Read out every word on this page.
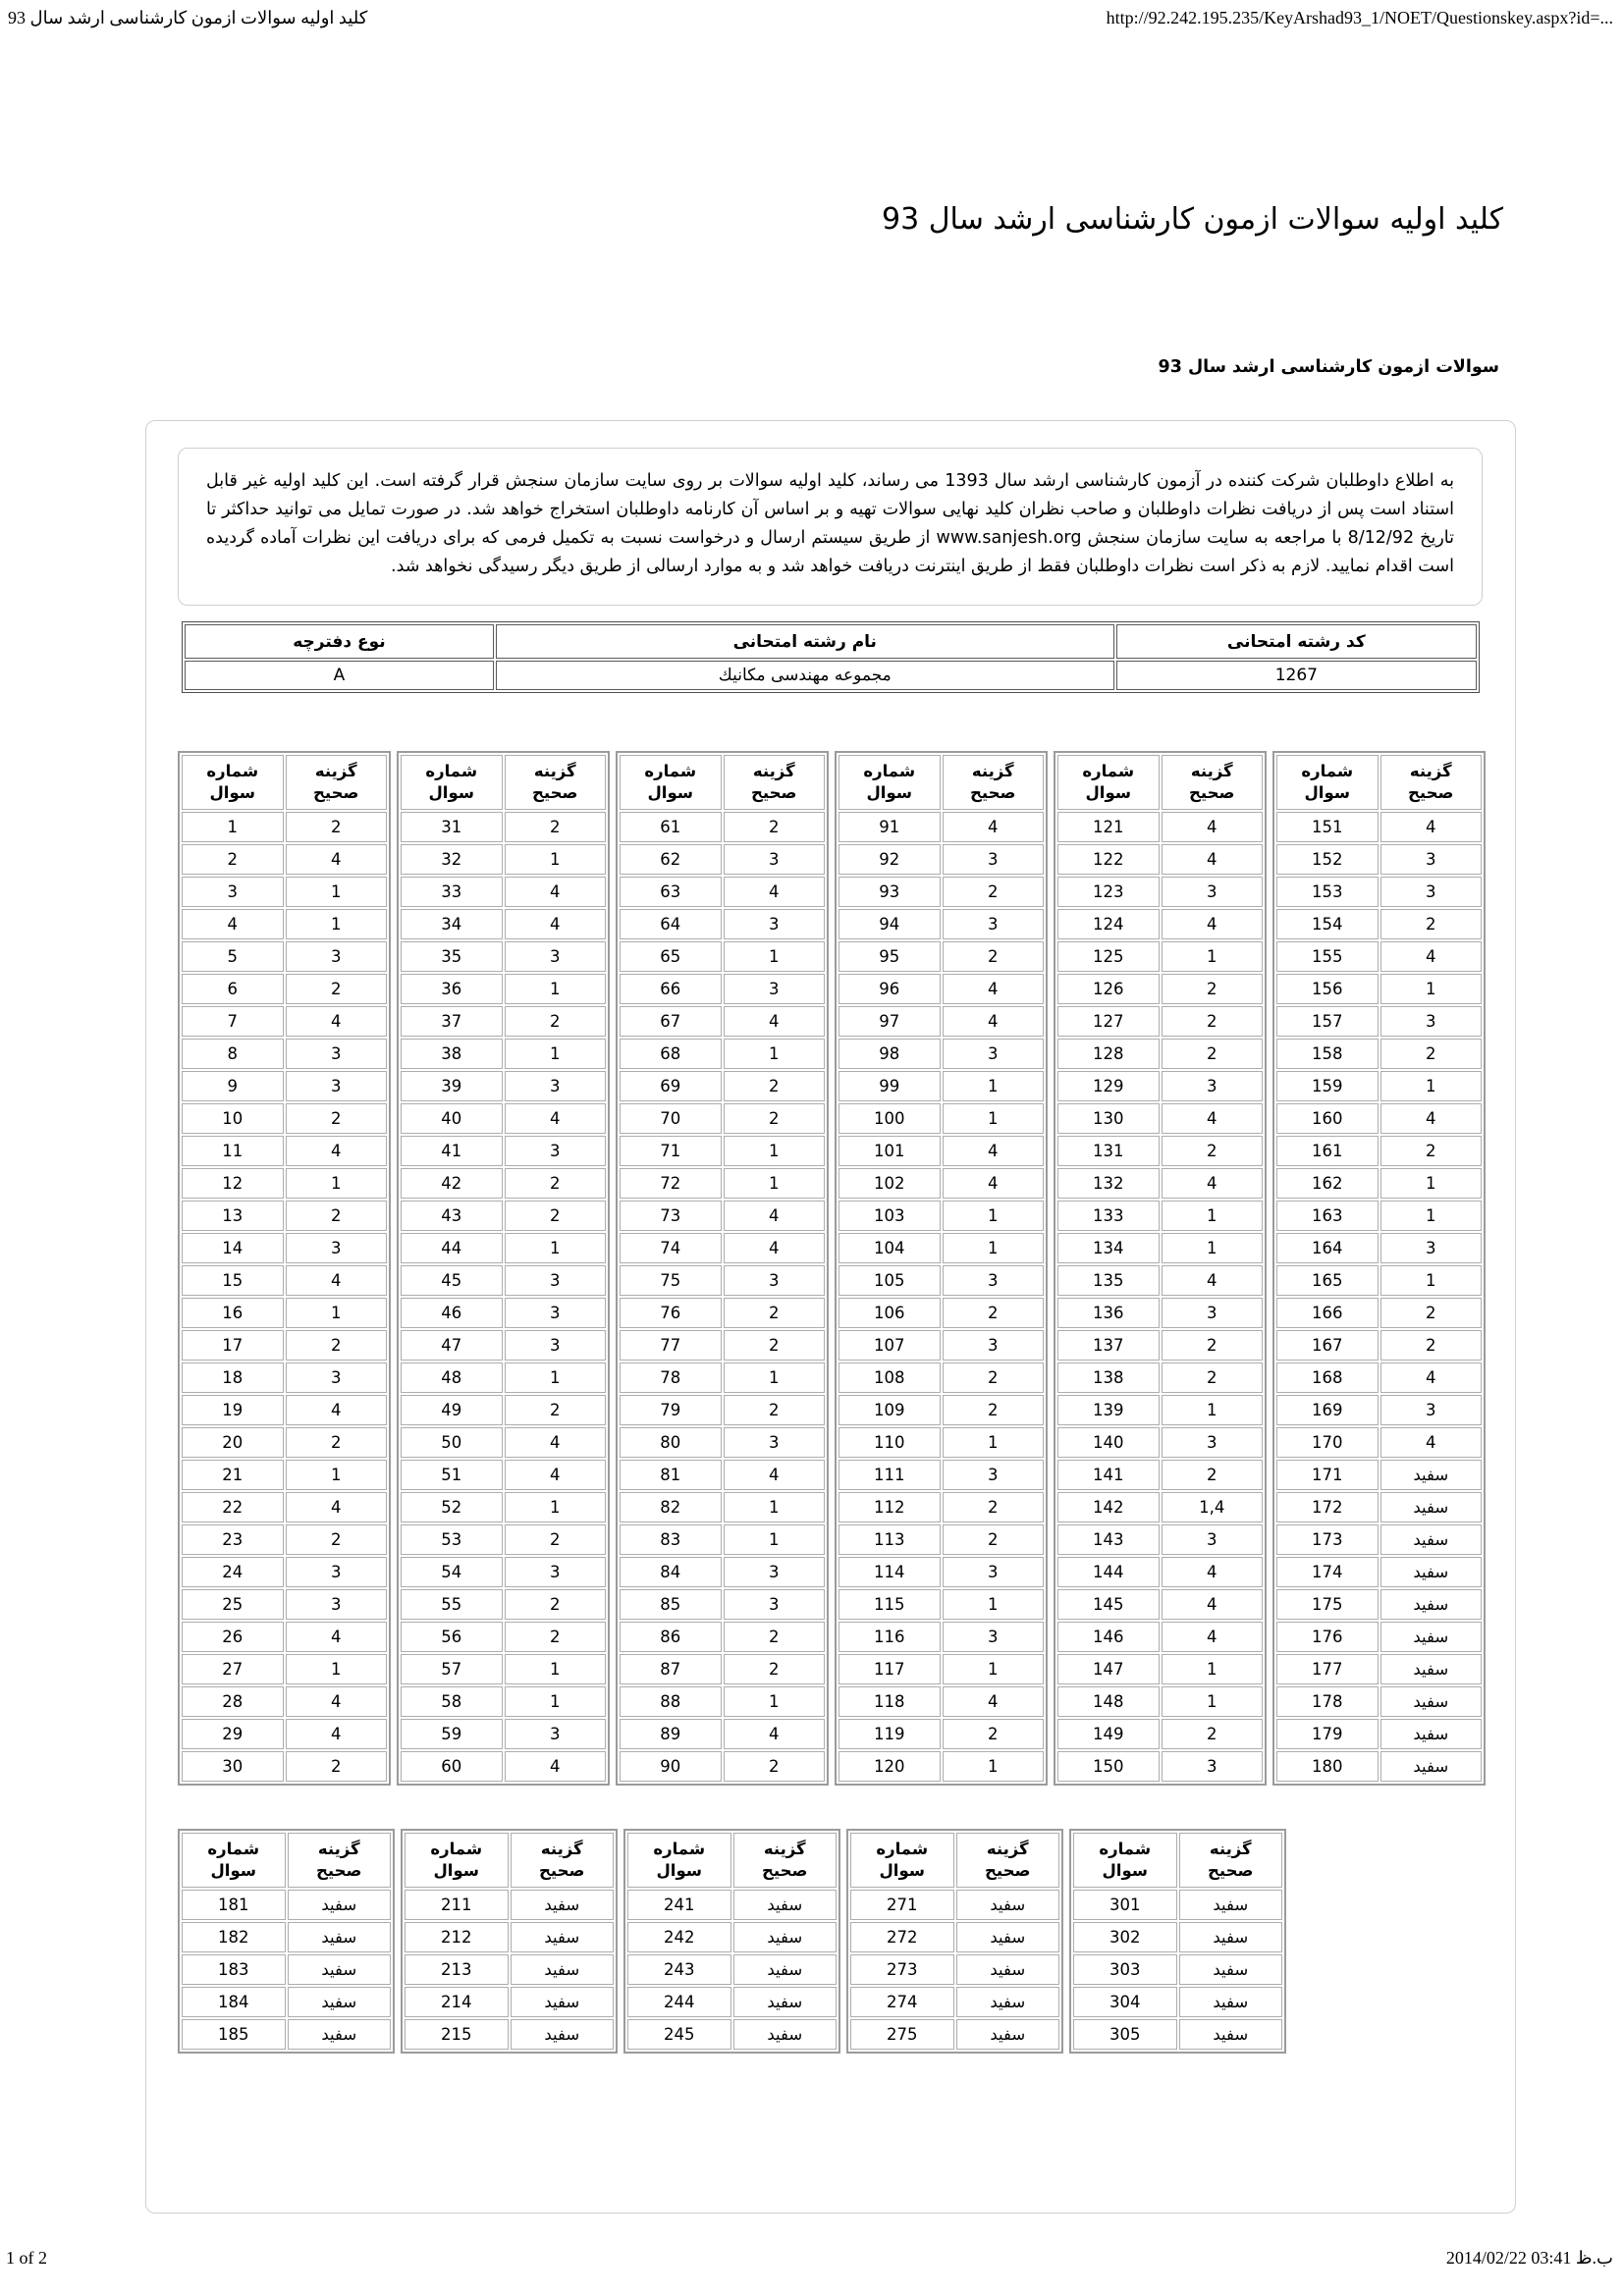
کلید اولیه سوالات ازمون کارشناسی ارشد سال 93	http://92.242.195.235/KeyArshad93_1/NOET/Questionskey.aspx?id=...
کلید اولیه سوالات ازمون کارشناسی ارشد سال 93
سوالات ازمون کارشناسی ارشد سال 93
به اطلاع داوطلبان شرکت کننده در آزمون کارشناسی ارشد سال 1393 می رساند، کلید اولیه سوالات بر روی سایت سازمان سنجش قرار گرفته است. این کلید اولیه غیر قابل استناد است پس از دریافت نظرات داوطلبان و صاحب نظران کلید نهایی سوالات تهیه و بر اساس آن کارنامه داوطلبان استخراج خواهد شد. در صورت تمایل می توانید حداکثر تا تاریخ 8/12/92 با مراجعه به سایت سازمان سنجش www.sanjesh.org از طریق سیستم ارسال و درخواست نسبت به تکمیل فرمی که برای دریافت این نظرات آماده گردیده است اقدام نمایید. لازم به ذکر است نظرات داوطلبان فقط از طریق اینترنت دریافت خواهد شد و به موارد ارسالی از طریق دیگر رسیدگی نخواهد شد.
کد رشته امتحانی	نام رشته امتحانی	نوع دفترچه
1267	مجموعه مهندسی مکانیك	A
شماره
سوال

گزینه
صحیح

1	2
2	4
3	1
4	1
5	3
6	2
7	4
8	3
9	3
10	2
11	4
12	1
13	2
14	3
15	4
16	1
17	2
18	3
19	4
20	2
21	1
22	4
23	2
24	3
25	3
26	4
27	1
28	4
29	4
30	2
شماره
سوال

گزینه
صحیح

31	2
32	1
33	4
34	4
35	3
36	1
37	2
38	1
39	3
40	4
41	3
42	2
43	2
44	1
45	3
46	3
47	3
48	1
49	2
50	4
51	4
52	1
53	2
54	3
55	2
56	2
57	1
58	1
59	3
60	4
شماره
سوال

گزینه
صحیح

61	2
62	3
63	4
64	3
65	1
66	3
67	4
68	1
69	2
70	2
71	1
72	1
73	4
74	4
75	3
76	2
77	2
78	1
79	2
80	3
81	4
82	1
83	1
84	3
85	3
86	2
87	2
88	1
89	4
90	2
شماره
سوال

گزینه
صحیح

91	4
92	3
93	2
94	3
95	2
96	4
97	4
98	3
99	1
100	1
101	4
102	4
103	1
104	1
105	3
106	2
107	3
108	2
109	2
110	1
111	3
112	2
113	2
114	3
115	1
116	3
117	1
118	4
119	2
120	1
شماره
سوال

گزینه
صحیح

121	4
122	4
123	3
124	4
125	1
126	2
127	2
128	2
129	3
130	4
131	2
132	4
133	1
134	1
135	4
136	3
137	2
138	2
139	1
140	3
141	2
142	1,4
143	3
144	4
145	4
146	4
147	1
148	1
149	2
150	3
شماره
سوال

گزینه
صحیح

151	4
152	3
153	3
154	2
155	4
156	1
157	3
158	2
159	1
160	4
161	2
162	1
163	1
164	3
165	1
166	2
167	2
168	4
169	3
170	4
171	سفید
172	سفید
173	سفید
174	سفید
175	سفید
176	سفید
177	سفید
178	سفید
179	سفید
180	سفید
شماره
سوال

گزینه
صحیح

181	سفید
182	سفید
183	سفید
184	سفید
185	سفید
شماره
سوال

گزینه
صحیح

211	سفید
212	سفید
213	سفید
214	سفید
215	سفید
شماره
سوال

گزینه
صحیح

241	سفید
242	سفید
243	سفید
244	سفید
245	سفید
شماره
سوال

گزینه
صحیح

271	سفید
272	سفید
273	سفید
274	سفید
275	سفید
شماره
سوال

گزینه
صحیح

301	سفید
302	سفید
303	سفید
304	سفید
305	سفید
1 of 2	2014/02/22 03:41 ب.ظ
